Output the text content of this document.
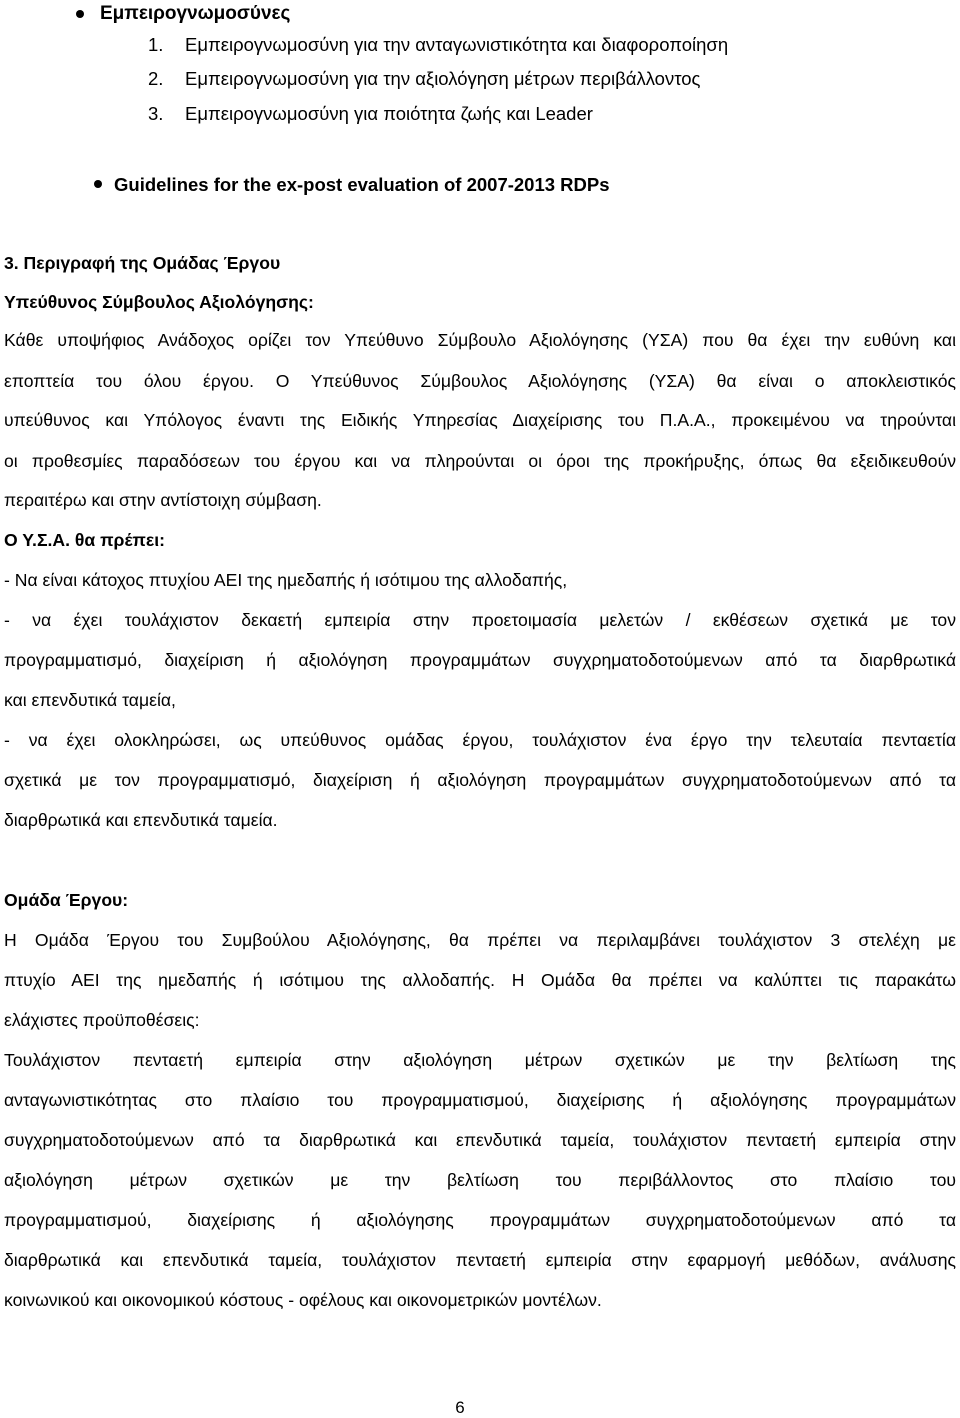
Εμπειρογνωμοσύνες
1. Εμπειρογνωμοσύνη για την ανταγωνιστικότητα και διαφοροποίηση
2. Εμπειρογνωμοσύνη για την αξιολόγηση μέτρων περιβάλλοντος
3. Εμπειρογνωμοσύνη για ποιότητα ζωής και Leader
Guidelines for the ex-post evaluation of 2007-2013 RDPs
3. Περιγραφή της Ομάδας Έργου
Υπεύθυνος Σύμβουλος Αξιολόγησης:
Κάθε υποψήφιος Ανάδοχος ορίζει τον Υπεύθυνο Σύμβουλο Αξιολόγησης (ΥΣΑ) που θα έχει την ευθύνη και
εποπτεία του όλου έργου. Ο Υπεύθυνος Σύμβουλος Αξιολόγησης (ΥΣΑ) θα είναι ο αποκλειστικός
υπεύθυνος και Υπόλογος έναντι της Ειδικής Υπηρεσίας Διαχείρισης του Π.Α.Α., προκειμένου να τηρούνται
οι προθεσμίες παραδόσεων του έργου και να πληρούνται οι όροι της προκήρυξης, όπως θα εξειδικευθούν
περαιτέρω και στην αντίστοιχη σύμβαση.
Ο Υ.Σ.Α. θα πρέπει:
- Να είναι κάτοχος πτυχίου ΑΕΙ της ημεδαπής ή ισότιμου της αλλοδαπής,
- να έχει τουλάχιστον δεκαετή εμπειρία στην προετοιμασία μελετών / εκθέσεων σχετικά με τον
προγραμματισμό, διαχείριση ή αξιολόγηση προγραμμάτων συγχρηματοδοτούμενων από τα διαρθρωτικά
και επενδυτικά ταμεία,
- να έχει ολοκληρώσει, ως υπεύθυνος ομάδας έργου, τουλάχιστον ένα έργο την τελευταία πενταετία
σχετικά με τον προγραμματισμό, διαχείριση ή αξιολόγηση προγραμμάτων συγχρηματοδοτούμενων από τα
διαρθρωτικά και επενδυτικά ταμεία.
Ομάδα Έργου:
Η Ομάδα Έργου του Συμβούλου Αξιολόγησης, θα πρέπει να περιλαμβάνει τουλάχιστον 3 στελέχη με
πτυχίο ΑΕΙ της ημεδαπής ή ισότιμου της αλλοδαπής. Η Ομάδα θα πρέπει να καλύπτει τις παρακάτω
ελάχιστες προϋποθέσεις:
Τουλάχιστον πενταετή εμπειρία στην αξιολόγηση μέτρων σχετικών με την βελτίωση της
ανταγωνιστικότητας στο πλαίσιο του προγραμματισμού, διαχείρισης ή αξιολόγησης προγραμμάτων
συγχρηματοδοτούμενων από τα διαρθρωτικά και επενδυτικά ταμεία, τουλάχιστον πενταετή εμπειρία στην
αξιολόγηση μέτρων σχετικών με την βελτίωση του περιβάλλοντος στο πλαίσιο του
προγραμματισμού, διαχείρισης ή αξιολόγησης προγραμμάτων συγχρηματοδοτούμενων από τα
διαρθρωτικά και επενδυτικά ταμεία, τουλάχιστον πενταετή εμπειρία στην εφαρμογή μεθόδων, ανάλυσης
κοινωνικού και οικονομικού κόστους - οφέλους και οικονομετρικών μοντέλων.
6
